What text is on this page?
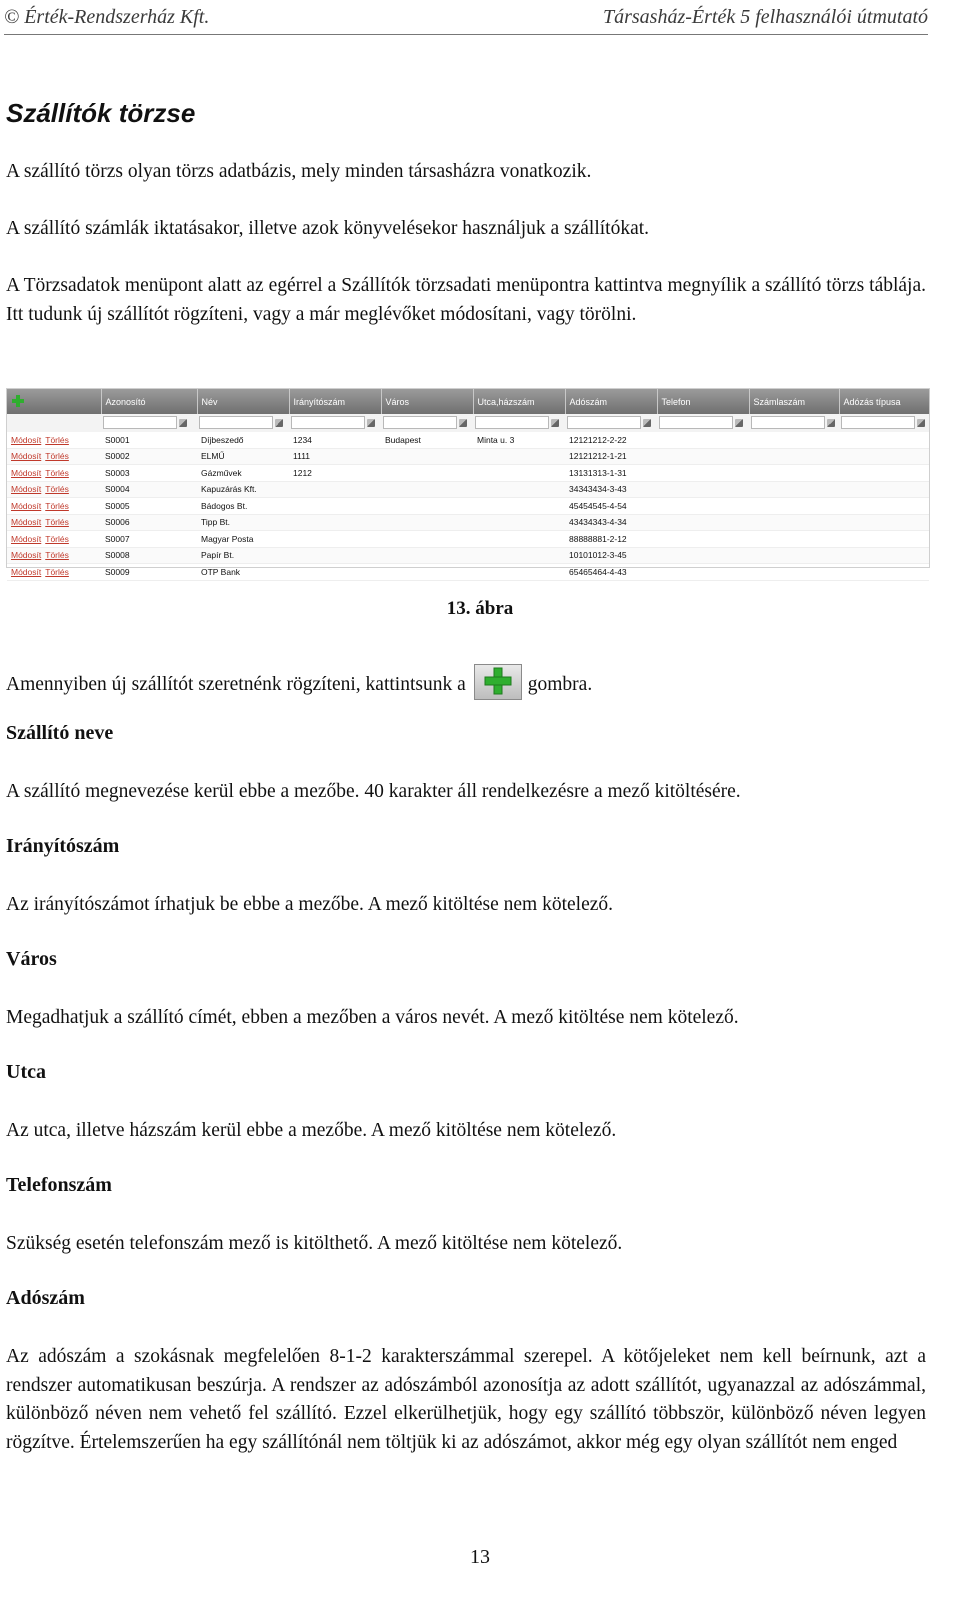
© Érték-Rendszerház Kft.	Társasház-Érték 5 felhasználói útmutató
Szállítók törzse
A szállító törzs olyan törzs adatbázis, mely minden társasházra vonatkozik.
A szállító számlák iktatásakor, illetve azok könyvelésekor használjuk a szállítókat.
A Törzsadatok menüpont alatt az egérrel a Szállítók törzsadati menüpontra kattintva megnyílik a szállító törzs táblája. Itt tudunk új szállítót rögzíteni, vagy a már meglévőket módosítani, vagy törölni.
	Azonosító	Név	Irányítószám	Város	Utca,házszám	Adószám	Telefon	Számlaszám	Adózás típusa

Módosít Törlés	S0001	Díjbeszedő	1234	Budapest	Minta u. 3	12121212-2-22			
Módosít Törlés	S0002	ELMŰ	1111			12121212-1-21			
Módosít Törlés	S0003	Gázművek	1212			13131313-1-31			
Módosít Törlés	S0004	Kapuzárás Kft.				34343434-3-43			
Módosít Törlés	S0005	Bádogos Bt.				45454545-4-54			
Módosít Törlés	S0006	Tipp Bt.				43434343-4-34			
Módosít Törlés	S0007	Magyar Posta				88888881-2-12			
Módosít Törlés	S0008	Papír Bt.				10101012-3-45			
Módosít Törlés	S0009	OTP Bank				65465464-4-43			
13. ábra
Amennyiben új szállítót szeretnénk rögzíteni, kattintsunk a	gombra.
Szállító neve
A szállító megnevezése kerül ebbe a mezőbe. 40 karakter áll rendelkezésre a mező kitöltésére.
Irányítószám
Az irányítószámot írhatjuk be ebbe a mezőbe. A mező kitöltése nem kötelező.
Város
Megadhatjuk a szállító címét, ebben a mezőben a város nevét. A mező kitöltése nem kötelező.
Utca
Az utca, illetve házszám kerül ebbe a mezőbe. A mező kitöltése nem kötelező.
Telefonszám
Szükség esetén telefonszám mező is kitölthető. A mező kitöltése nem kötelező.
Adószám
Az adószám a szokásnak megfelelően 8-1-2 karakterszámmal szerepel. A kötőjeleket nem kell beírnunk, azt a rendszer automatikusan beszúrja. A rendszer az adószámból azonosítja az adott szállítót, ugyanazzal az adószámmal, különböző néven nem vehető fel szállító. Ezzel elkerülhetjük, hogy egy szállító többször, különböző néven legyen rögzítve. Értelemszerűen ha egy szállítónál nem töltjük ki az adószámot, akkor még egy olyan szállítót nem enged
13
